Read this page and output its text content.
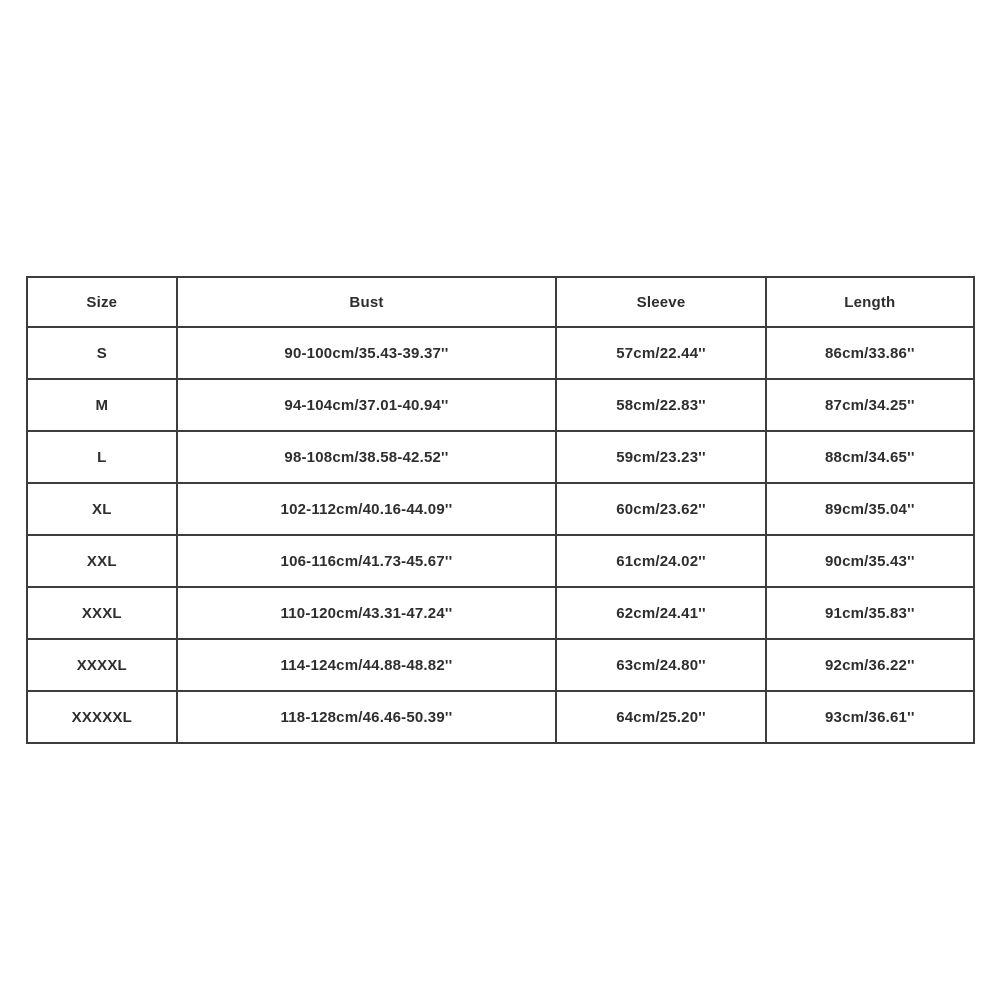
Size	Bust	Sleeve	Length
S	90-100cm/35.43-39.37''	57cm/22.44''	86cm/33.86''
M	94-104cm/37.01-40.94''	58cm/22.83''	87cm/34.25''
L	98-108cm/38.58-42.52''	59cm/23.23''	88cm/34.65''
XL	102-112cm/40.16-44.09''	60cm/23.62''	89cm/35.04''
XXL	106-116cm/41.73-45.67''	61cm/24.02''	90cm/35.43''
XXXL	110-120cm/43.31-47.24''	62cm/24.41''	91cm/35.83''
XXXXL	114-124cm/44.88-48.82''	63cm/24.80''	92cm/36.22''
XXXXXL	118-128cm/46.46-50.39''	64cm/25.20''	93cm/36.61''
